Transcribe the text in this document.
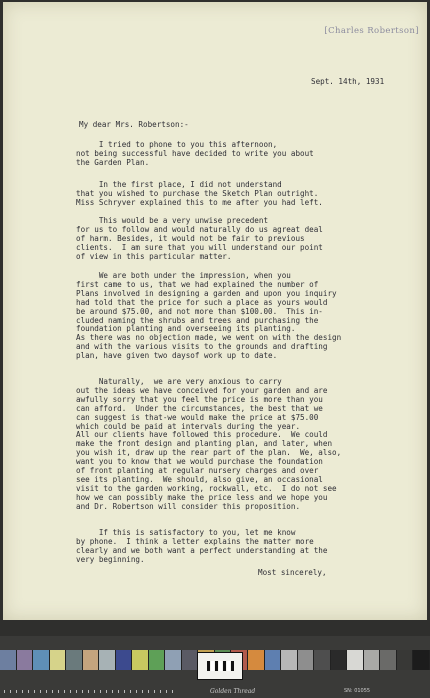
[Charles Robertson]
Sept. 14th, 1931
My dear Mrs. Robertson:-
I tried to phone to you this afternoon,
not being successful have decided to write you about
the Garden Plan.
In the first place, I did not understand
that you wished to purchase the Sketch Plan outright.
Miss Schryver explained this to me after you had left.
This would be a very unwise precedent
for us to follow and would naturally do us agreat deal
of harm. Besides, it would not be fair to previous
clients.  I am sure that you will understand our point
of view in this particular matter.
We are both under the impression, when you
first came to us, that we had explained the number of
Plans involved in designing a garden and upon you inquiry
had told that the price for such a place as yours would
be around $75.00, and not more than $100.00.  This in-
cluded naming the shrubs and trees and purchasing the
foundation planting and overseeing its planting.
As there was no objection made, we went on with the design
and with the various visits to the grounds and drafting
plan, have given two daysof work up to date.
Naturally,  we are very anxious to carry
out the ideas we have conceived for your garden and are
awfully sorry that you feel the price is more than you
can afford.  Under the circumstances, the best that we
can suggest is that-we would make the price at $75.00
which could be paid at intervals during the year.
All our clients have followed this procedure.  We could
make the front design and planting plan, and later, when
you wish it, draw up the rear part of the plan.  We, also,
want you to know that we would purchase the foundation
of front planting at regular nursery charges and over
see its planting.  We should, also give, an occasional
visit to the garden working, rockwall, etc.  I do not see
how we can possibly make the price less and we hope you
and Dr. Robertson will consider this proposition.
If this is satisfactory to you, let me know
by phone.  I think a letter explains the matter more
clearly and we both want a perfect understanding at the
very beginning.
Most sincerely,
Golden Thread	SN: 01055
